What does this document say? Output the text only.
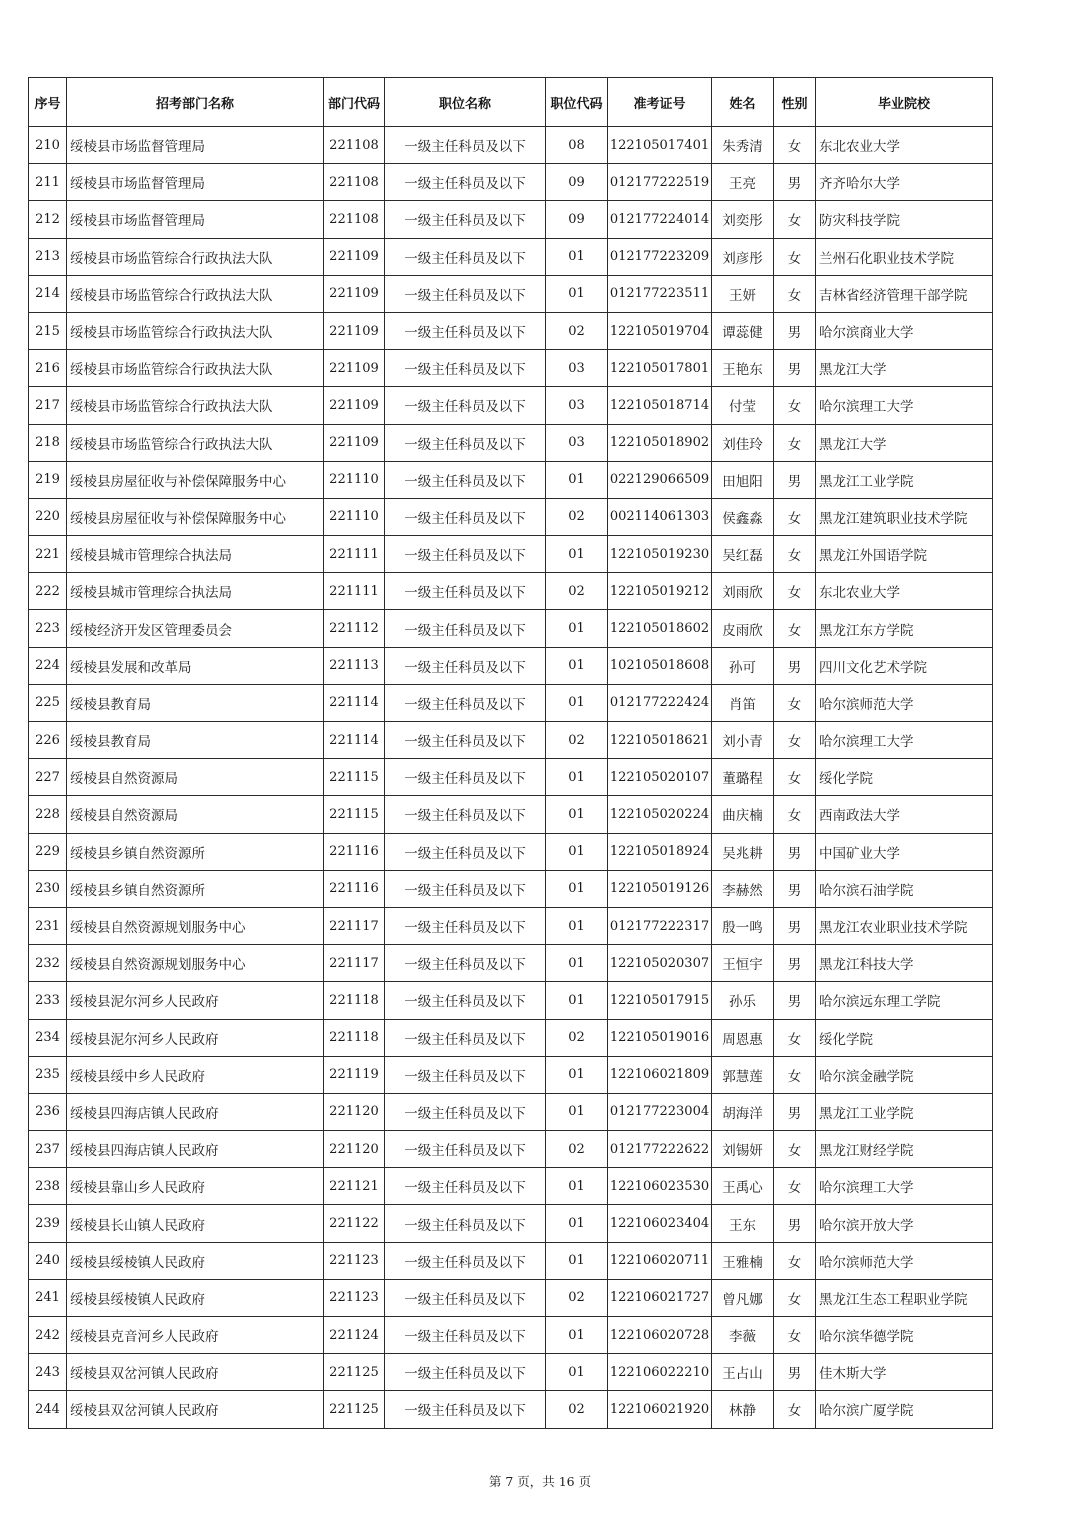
序号	招考部门名称	部门代码	职位名称	职位代码	准考证号	姓名	性别	毕业院校
210	绥棱县市场监督管理局	221108	一级主任科员及以下	08	122105017401	朱秀清	女	东北农业大学
211	绥棱县市场监督管理局	221108	一级主任科员及以下	09	012177222519	王亮	男	齐齐哈尔大学
212	绥棱县市场监督管理局	221108	一级主任科员及以下	09	012177224014	刘奕彤	女	防灾科技学院
213	绥棱县市场监管综合行政执法大队	221109	一级主任科员及以下	01	012177223209	刘彦彤	女	兰州石化职业技术学院
214	绥棱县市场监管综合行政执法大队	221109	一级主任科员及以下	01	012177223511	王妍	女	吉林省经济管理干部学院
215	绥棱县市场监管综合行政执法大队	221109	一级主任科员及以下	02	122105019704	谭蕊健	男	哈尔滨商业大学
216	绥棱县市场监管综合行政执法大队	221109	一级主任科员及以下	03	122105017801	王艳东	男	黑龙江大学
217	绥棱县市场监管综合行政执法大队	221109	一级主任科员及以下	03	122105018714	付莹	女	哈尔滨理工大学
218	绥棱县市场监管综合行政执法大队	221109	一级主任科员及以下	03	122105018902	刘佳玲	女	黑龙江大学
219	绥棱县房屋征收与补偿保障服务中心	221110	一级主任科员及以下	01	022129066509	田旭阳	男	黑龙江工业学院
220	绥棱县房屋征收与补偿保障服务中心	221110	一级主任科员及以下	02	002114061303	侯鑫淼	女	黑龙江建筑职业技术学院
221	绥棱县城市管理综合执法局	221111	一级主任科员及以下	01	122105019230	吴红磊	女	黑龙江外国语学院
222	绥棱县城市管理综合执法局	221111	一级主任科员及以下	02	122105019212	刘雨欣	女	东北农业大学
223	绥棱经济开发区管理委员会	221112	一级主任科员及以下	01	122105018602	皮雨欣	女	黑龙江东方学院
224	绥棱县发展和改革局	221113	一级主任科员及以下	01	102105018608	孙可	男	四川文化艺术学院
225	绥棱县教育局	221114	一级主任科员及以下	01	012177222424	肖笛	女	哈尔滨师范大学
226	绥棱县教育局	221114	一级主任科员及以下	02	122105018621	刘小青	女	哈尔滨理工大学
227	绥棱县自然资源局	221115	一级主任科员及以下	01	122105020107	董璐程	女	绥化学院
228	绥棱县自然资源局	221115	一级主任科员及以下	01	122105020224	曲庆楠	女	西南政法大学
229	绥棱县乡镇自然资源所	221116	一级主任科员及以下	01	122105018924	吴兆耕	男	中国矿业大学
230	绥棱县乡镇自然资源所	221116	一级主任科员及以下	01	122105019126	李赫然	男	哈尔滨石油学院
231	绥棱县自然资源规划服务中心	221117	一级主任科员及以下	01	012177222317	殷一鸣	男	黑龙江农业职业技术学院
232	绥棱县自然资源规划服务中心	221117	一级主任科员及以下	01	122105020307	王恒宇	男	黑龙江科技大学
233	绥棱县泥尔河乡人民政府	221118	一级主任科员及以下	01	122105017915	孙乐	男	哈尔滨远东理工学院
234	绥棱县泥尔河乡人民政府	221118	一级主任科员及以下	02	122105019016	周恩惠	女	绥化学院
235	绥棱县绥中乡人民政府	221119	一级主任科员及以下	01	122106021809	郭慧莲	女	哈尔滨金融学院
236	绥棱县四海店镇人民政府	221120	一级主任科员及以下	01	012177223004	胡海洋	男	黑龙江工业学院
237	绥棱县四海店镇人民政府	221120	一级主任科员及以下	02	012177222622	刘锡妍	女	黑龙江财经学院
238	绥棱县靠山乡人民政府	221121	一级主任科员及以下	01	122106023530	王禹心	女	哈尔滨理工大学
239	绥棱县长山镇人民政府	221122	一级主任科员及以下	01	122106023404	王东	男	哈尔滨开放大学
240	绥棱县绥棱镇人民政府	221123	一级主任科员及以下	01	122106020711	王雅楠	女	哈尔滨师范大学
241	绥棱县绥棱镇人民政府	221123	一级主任科员及以下	02	122106021727	曾凡娜	女	黑龙江生态工程职业学院
242	绥棱县克音河乡人民政府	221124	一级主任科员及以下	01	122106020728	李薇	女	哈尔滨华德学院
243	绥棱县双岔河镇人民政府	221125	一级主任科员及以下	01	122106022210	王占山	男	佳木斯大学
244	绥棱县双岔河镇人民政府	221125	一级主任科员及以下	02	122106021920	林静	女	哈尔滨广厦学院
第 7 页，共 16 页
